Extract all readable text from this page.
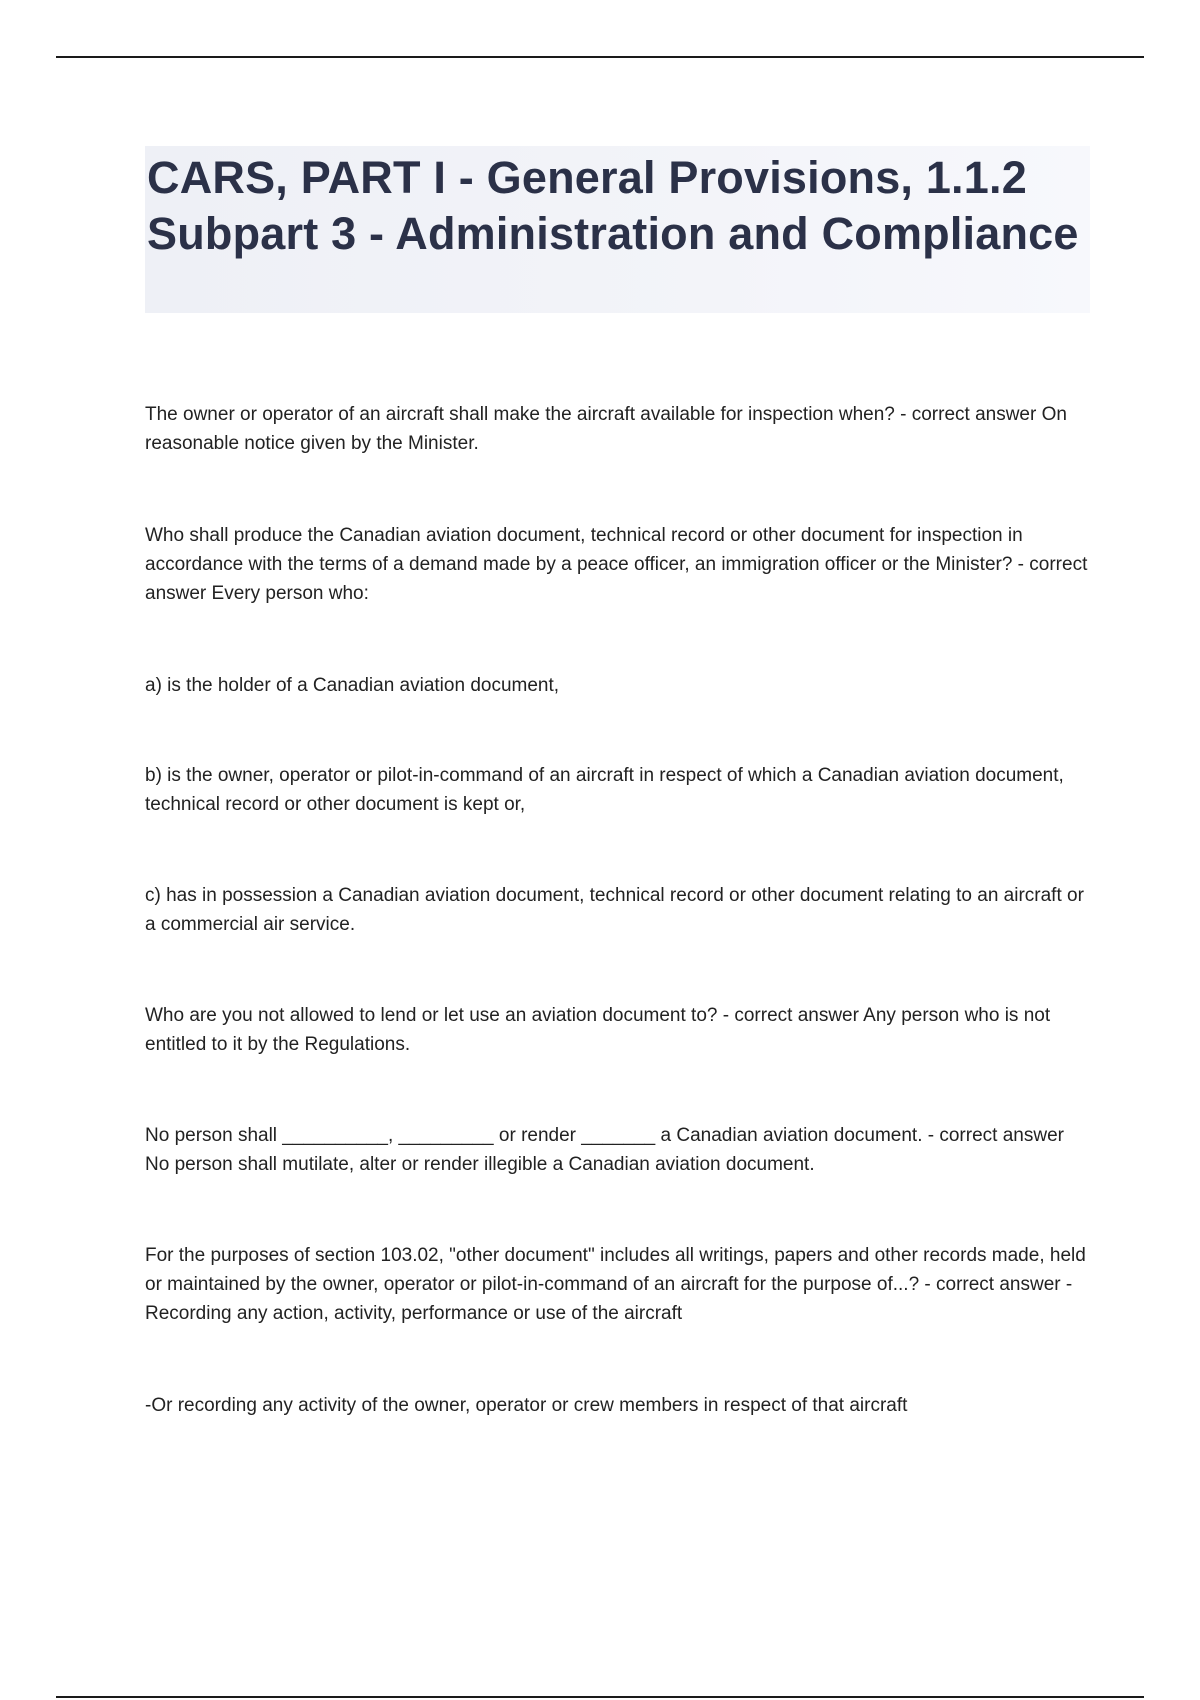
CARS, PART I - General Provisions, 1.1.2 Subpart 3 - Administration and Compliance

The owner or operator of an aircraft shall make the aircraft available for inspection when? - correct answer On reasonable notice given by the Minister.

Who shall produce the Canadian aviation document, technical record or other document for inspection in accordance with the terms of a demand made by a peace officer, an immigration officer or the Minister? - correct answer Every person who:

a) is the holder of a Canadian aviation document,

b) is the owner, operator or pilot-in-command of an aircraft in respect of which a Canadian aviation document, technical record or other document is kept or,

c) has in possession a Canadian aviation document, technical record or other document relating to an aircraft or a commercial air service.

Who are you not allowed to lend or let use an aviation document to? - correct answer Any person who is not entitled to it by the Regulations.

No person shall __________, _________ or render _______ a Canadian aviation document. - correct answer No person shall mutilate, alter or render illegible a Canadian aviation document.

For the purposes of section 103.02, "other document" includes all writings, papers and other records made, held or maintained by the owner, operator or pilot-in-command of an aircraft for the purpose of...? - correct answer -Recording any action, activity, performance or use of the aircraft

-Or recording any activity of the owner, operator or crew members in respect of that aircraft
